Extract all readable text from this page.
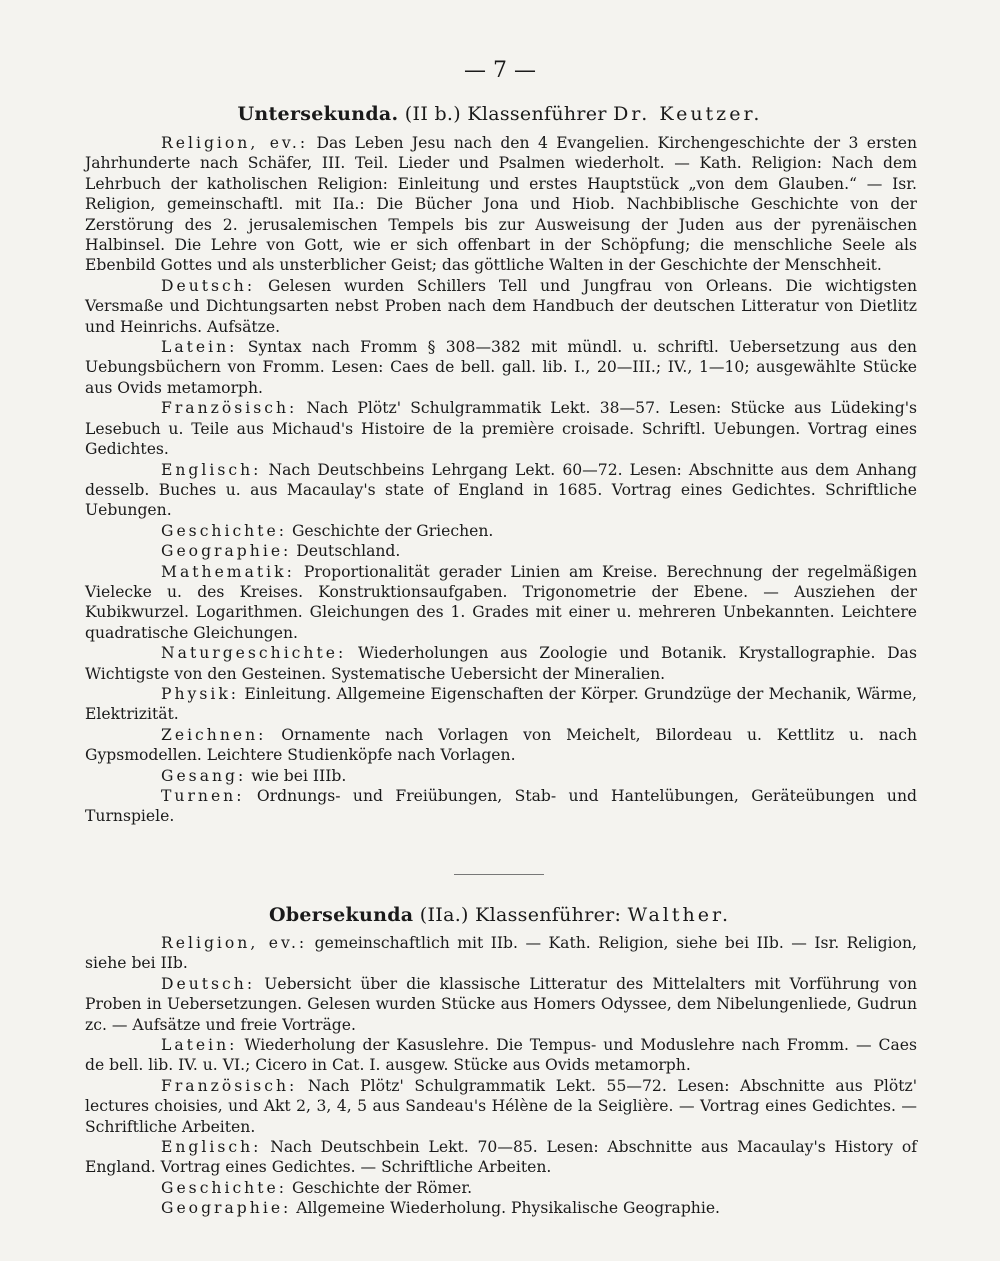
— 7 —
Untersekunda. (II b.) Klassenführer Dr. Keutzer.

Religion, ev.: Das Leben Jesu nach den 4 Evangelien. Kirchengeschichte der 3 ersten Jahrhunderte nach Schäfer, III. Teil. Lieder und Psalmen wiederholt. — Kath. Religion: Nach dem Lehrbuch der katholischen Religion: Einleitung und erstes Hauptstück „von dem Glauben.“ — Isr. Religion, gemeinschaftl. mit IIa.: Die Bücher Jona und Hiob. Nachbiblische Geschichte von der Zerstörung des 2. jerusalemischen Tempels bis zur Ausweisung der Juden aus der pyrenäischen Halbinsel. Die Lehre von Gott, wie er sich offenbart in der Schöpfung; die menschliche Seele als Ebenbild Gottes und als unsterblicher Geist; das göttliche Walten in der Geschichte der Menschheit.

Deutsch: Gelesen wurden Schillers Tell und Jungfrau von Orleans. Die wichtigsten Versmaße und Dichtungsarten nebst Proben nach dem Handbuch der deutschen Litteratur von Dietlitz und Heinrichs. Aufsätze.

Latein: Syntax nach Fromm § 308—382 mit mündl. u. schriftl. Uebersetzung aus den Uebungsbüchern von Fromm. Lesen: Caes de bell. gall. lib. I., 20—III.; IV., 1—10; ausgewählte Stücke aus Ovids metamorph.

Französisch: Nach Plötz' Schulgrammatik Lekt. 38—57. Lesen: Stücke aus Lüdeking's Lesebuch u. Teile aus Michaud's Histoire de la première croisade. Schriftl. Uebungen. Vortrag eines Gedichtes.

Englisch: Nach Deutschbeins Lehrgang Lekt. 60—72. Lesen: Abschnitte aus dem Anhang desselb. Buches u. aus Macaulay's state of England in 1685. Vortrag eines Gedichtes. Schriftliche Uebungen.

Geschichte: Geschichte der Griechen.

Geographie: Deutschland.

Mathematik: Proportionalität gerader Linien am Kreise. Berechnung der regelmäßigen Vielecke u. des Kreises. Konstruktionsaufgaben. Trigonometrie der Ebene. — Ausziehen der Kubikwurzel. Logarithmen. Gleichungen des 1. Grades mit einer u. mehreren Unbekannten. Leichtere quadratische Gleichungen.

Naturgeschichte: Wiederholungen aus Zoologie und Botanik. Krystallographie. Das Wichtigste von den Gesteinen. Systematische Uebersicht der Mineralien.

Physik: Einleitung. Allgemeine Eigenschaften der Körper. Grundzüge der Mechanik, Wärme, Elektrizität.

Zeichnen: Ornamente nach Vorlagen von Meichelt, Bilordeau u. Kettlitz u. nach Gypsmodellen. Leichtere Studienköpfe nach Vorlagen.

Gesang: wie bei IIIb.

Turnen: Ordnungs- und Freiübungen, Stab- und Hantelübungen, Geräteübungen und Turnspiele.

Obersekunda (IIa.) Klassenführer: Walther.

Religion, ev.: gemeinschaftlich mit IIb. — Kath. Religion, siehe bei IIb. — Isr. Religion, siehe bei IIb.

Deutsch: Uebersicht über die klassische Litteratur des Mittelalters mit Vorführung von Proben in Uebersetzungen. Gelesen wurden Stücke aus Homers Odyssee, dem Nibelungenliede, Gudrun zc. — Aufsätze und freie Vorträge.

Latein: Wiederholung der Kasuslehre. Die Tempus- und Moduslehre nach Fromm. — Caes de bell. lib. IV. u. VI.; Cicero in Cat. I. ausgew. Stücke aus Ovids metamorph.

Französisch: Nach Plötz' Schulgrammatik Lekt. 55—72. Lesen: Abschnitte aus Plötz' lectures choisies, und Akt 2, 3, 4, 5 aus Sandeau's Hélène de la Seiglière. — Vortrag eines Gedichtes. — Schriftliche Arbeiten.

Englisch: Nach Deutschbein Lekt. 70—85. Lesen: Abschnitte aus Macaulay's History of England. Vortrag eines Gedichtes. — Schriftliche Arbeiten.

Geschichte: Geschichte der Römer.

Geographie: Allgemeine Wiederholung. Physikalische Geographie.
